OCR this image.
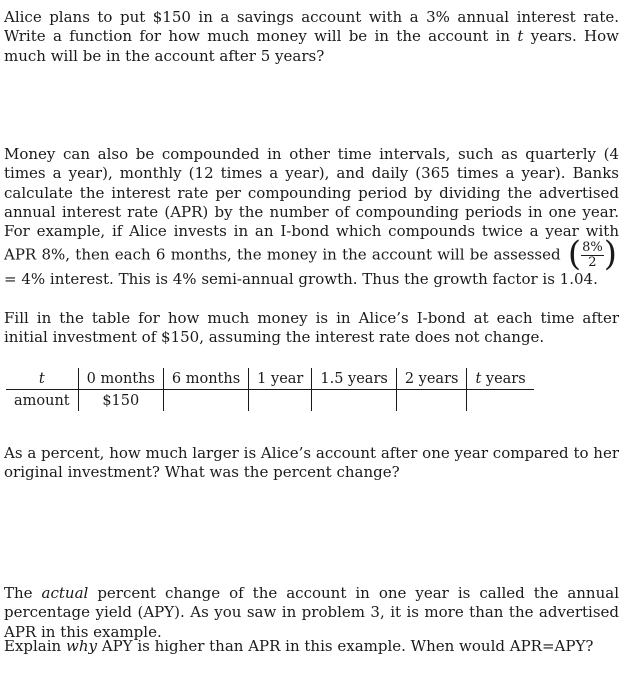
Alice plans to put $150 in a savings account with a 3% annual interest rate. Write a function for how much money will be in the account in t years. How much will be in the account after 5 years?

Money can also be compounded in other time intervals, such as quarterly (4 times a year), monthly (12 times a year), and daily (365 times a year). Banks calculate the interest rate per compounding period by dividing the advertised annual interest rate (APR) by the number of compounding periods in one year. For example, if Alice invests in an I-bond which compounds twice a year with APR 8%, then each 6 months, the money in the account will be assessed ( $\frac{8\%}{2}$ ) = 4% interest. This is 4% semi-annual growth. Thus the growth factor is 1.04.

Fill in the table for how much money is in Alice’s I-bond at each time after initial investment of $150, assuming the interest rate does not change.

t	0 months	6 months	1 year	1.5 years	2 years	t years
amount	$150					

As a percent, how much larger is Alice’s account after one year compared to her original investment? What was the percent change?

The actual percent change of the account in one year is called the annual percentage yield (APY). As you saw in problem 3, it is more than the advertised APR in this example.

Explain why APY is higher than APR in this example. When would APR=APY?
